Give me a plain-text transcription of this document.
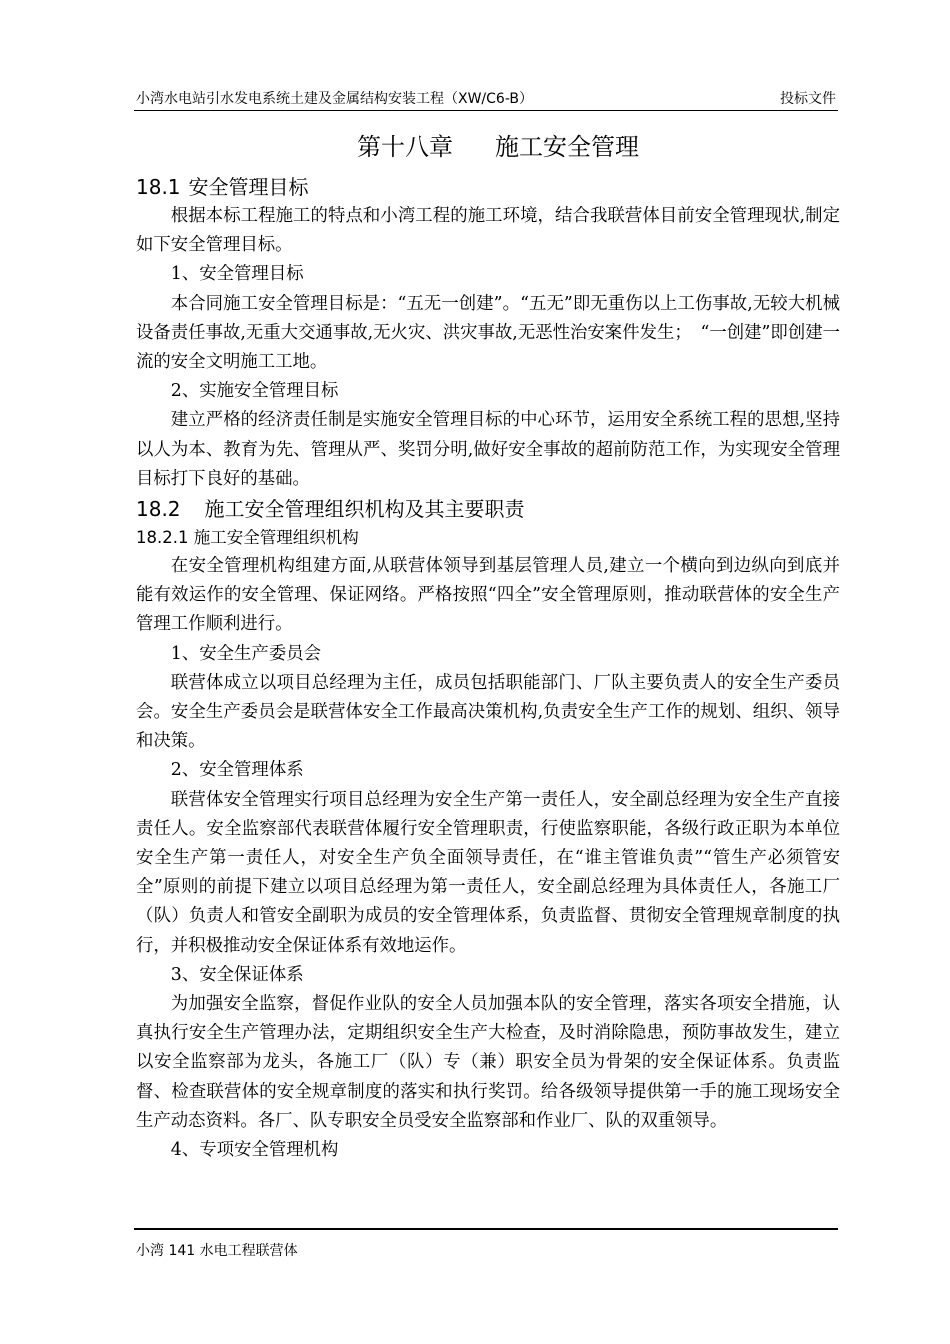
小湾水电站引水发电系统土建及金属结构安装工程（XW/C6-B）	投标文件
第十八章 施工安全管理
18.1 安全管理目标

根据本标工程施工的特点和小湾工程的施工环境，结合我联营体目前安全管理现状,制定如下安全管理目标。

1、安全管理目标

本合同施工安全管理目标是：“五无一创建”。“五无”即无重伤以上工伤事故,无较大机械设备责任事故,无重大交通事故,无火灾、洪灾事故,无恶性治安案件发生；　“一创建”即创建一流的安全文明施工工地。

2、实施安全管理目标

建立严格的经济责任制是实施安全管理目标的中心环节，运用安全系统工程的思想,坚持以人为本、教育为先、管理从严、奖罚分明,做好安全事故的超前防范工作，为实现安全管理目标打下良好的基础。

18.2 施工安全管理组织机构及其主要职责
18.2.1 施工安全管理组织机构

在安全管理机构组建方面,从联营体领导到基层管理人员,建立一个横向到边纵向到底并能有效运作的安全管理、保证网络。严格按照“四全”安全管理原则，推动联营体的安全生产管理工作顺利进行。

1、安全生产委员会

联营体成立以项目总经理为主任，成员包括职能部门、厂队主要负责人的安全生产委员会。安全生产委员会是联营体安全工作最高决策机构,负责安全生产工作的规划、组织、领导和决策。

2、安全管理体系

联营体安全管理实行项目总经理为安全生产第一责任人，安全副总经理为安全生产直接责任人。安全监察部代表联营体履行安全管理职责，行使监察职能，各级行政正职为本单位安全生产第一责任人，对安全生产负全面领导责任，在“谁主管谁负责”“管生产必须管安全”原则的前提下建立以项目总经理为第一责任人，安全副总经理为具体责任人，各施工厂（队）负责人和管安全副职为成员的安全管理体系，负责监督、贯彻安全管理规章制度的执行，并积极推动安全保证体系有效地运作。

3、安全保证体系

为加强安全监察，督促作业队的安全人员加强本队的安全管理，落实各项安全措施，认真执行安全生产管理办法，定期组织安全生产大检查，及时消除隐患，预防事故发生，建立以安全监察部为龙头，各施工厂（队）专（兼）职安全员为骨架的安全保证体系。负责监督、检查联营体的安全规章制度的落实和执行奖罚。给各级领导提供第一手的施工现场安全生产动态资料。各厂、队专职安全员受安全监察部和作业厂、队的双重领导。

4、专项安全管理机构

小湾 141 水电工程联营体
